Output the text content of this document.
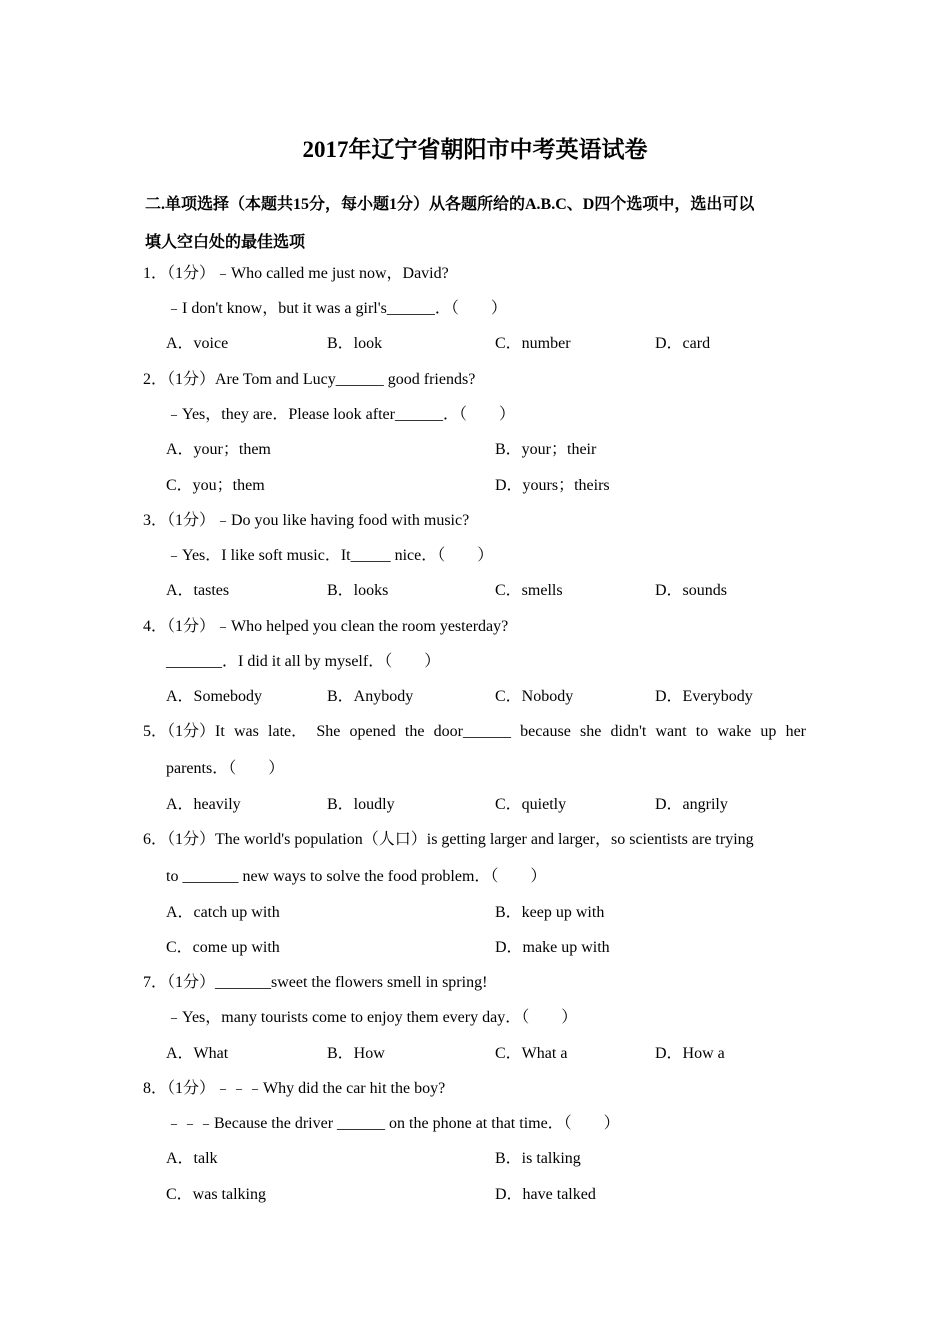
2017年辽宁省朝阳市中考英语试卷
二.单项选择（本题共15分，每小题1分）从各题所给的A.B.C、D四个选项中，选出可以
填人空白处的最佳选项
1．（1分）﹣Who called me just now，David?
﹣I don't know，but it was a girl's______．（　　）
A．voice	B．look	C．number	D．card
2．（1分）Are Tom and Lucy______ good friends?
﹣Yes，they are．Please look after______．（　　）
A．your；them	B．your；their
C．you；them	D．yours；theirs
3．（1分）﹣Do you like having food with music?
﹣Yes．I like soft music．It_____ nice．（　　）
A．tastes	B．looks	C．smells	D．sounds
4．（1分）﹣Who helped you clean the room yesterday?
_______．I did it all by myself．（　　）
A．Somebody	B．Anybody	C．Nobody	D．Everybody
5．（1分）It was late． She opened the door______ because she didn't want to wake up her
parents．（　　）
A．heavily	B．loudly	C．quietly	D．angrily
6．（1分）The world's population（人口）is getting larger and larger，so scientists are trying
to _______ new ways to solve the food problem．（　　）
A．catch up with	B．keep up with
C．come up with	D．make up with
7．（1分）_______sweet the flowers smell in spring!
﹣Yes，many tourists come to enjoy them every day．（　　）
A．What	B．How	C．What a	D．How a
8．（1分）﹣﹣﹣Why did the car hit the boy?
﹣﹣﹣Because the driver ______ on the phone at that time．（　　）
A．talk	B．is talking
C．was talking	D．have talked
